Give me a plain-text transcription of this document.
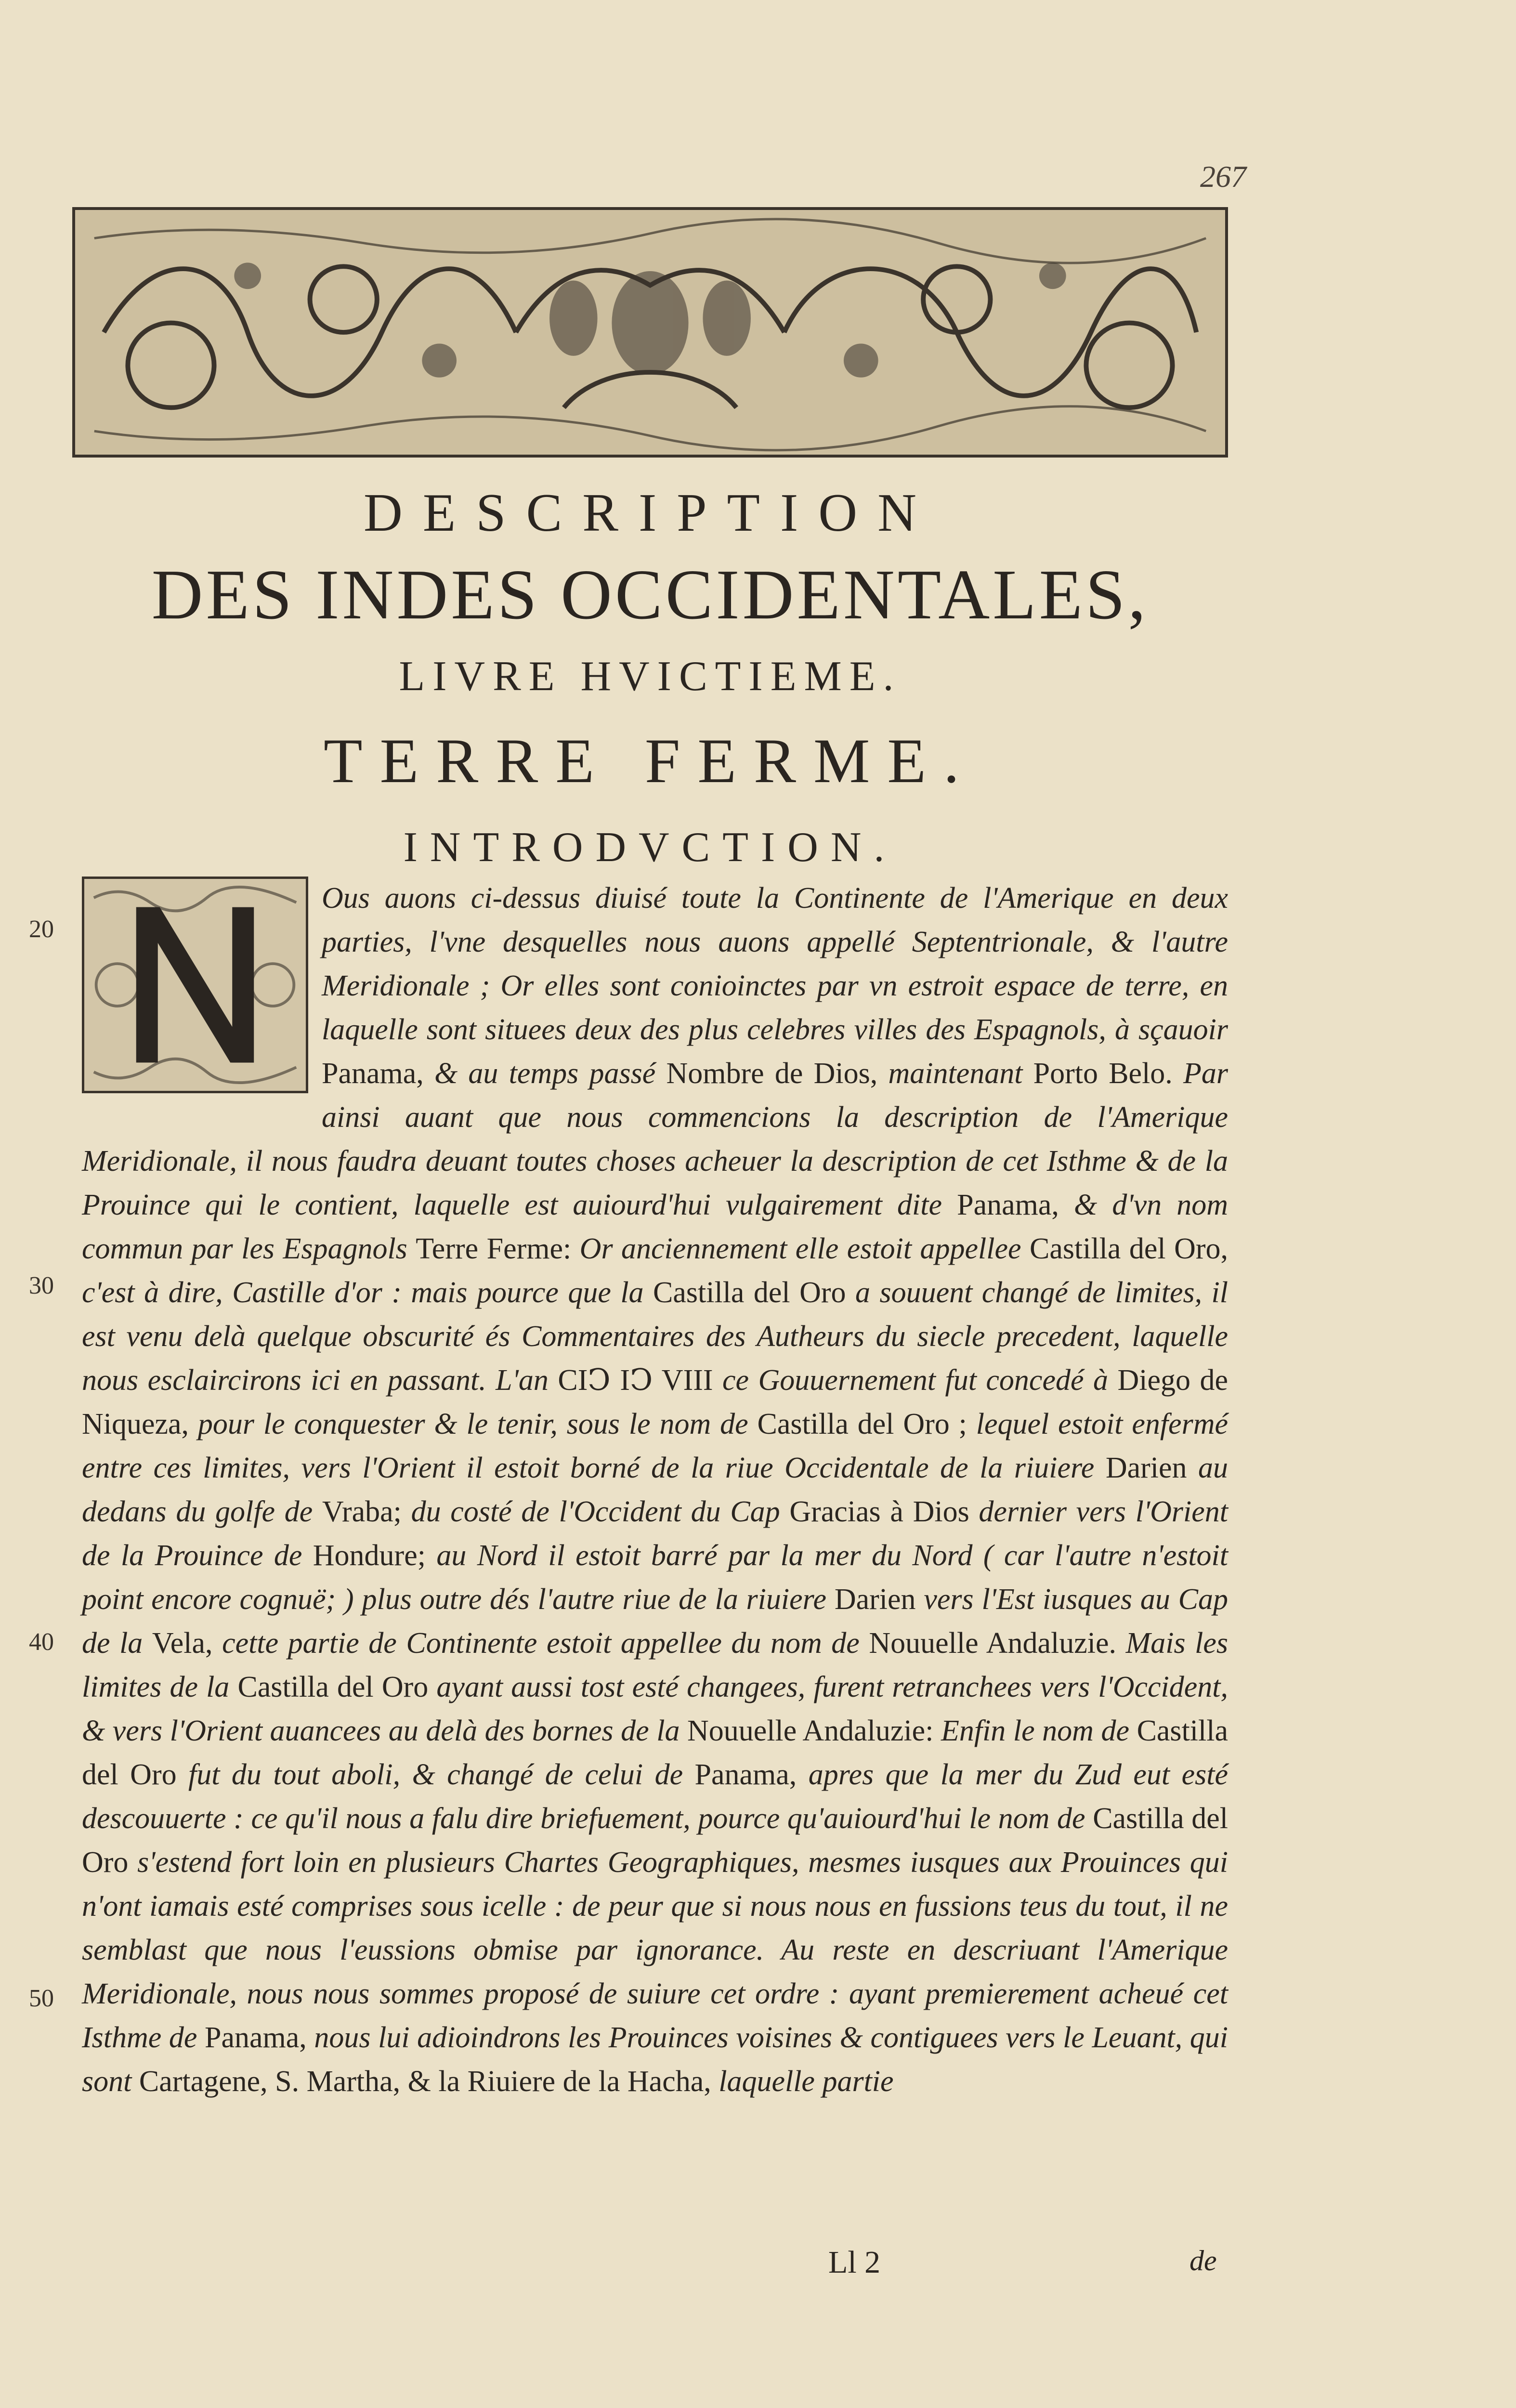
267
DESCRIPTION
DES INDES OCCIDENTALES,
LIVRE HVICTIEME.
TERRE FERME.
INTRODVCTION.
20
30
40
50
Ous auons ci-dessus diuisé toute la Continente de l'Amerique en deux parties, l'vne desquelles nous auons appellé Septentrionale, & l'autre Meridionale ; Or elles sont conioinctes par vn estroit espace de terre, en laquelle sont situees deux des plus celebres villes des Espagnols, à sçauoir Panama, & au temps passé Nombre de Dios, maintenant Porto Belo. Par ainsi auant que nous commencions la description de l'Amerique Meridionale, il nous faudra deuant toutes choses acheuer la description de cet Isthme & de la Prouince qui le contient, laquelle est auiourd'hui vulgairement dite Panama, & d'vn nom commun par les Espagnols Terre Ferme: Or anciennement elle estoit appellee Castilla del Oro, c'est à dire, Castille d'or : mais pource que la Castilla del Oro a souuent changé de limites, il est venu delà quelque obscurité és Commentaires des Autheurs du siecle precedent, laquelle nous esclaircirons ici en passant. L'an CIↃ IↃ VIII ce Gouuernement fut concedé à Diego de Niqueza, pour le conquester & le tenir, sous le nom de Castilla del Oro ; lequel estoit enfermé entre ces limites, vers l'Orient il estoit borné de la riue Occidentale de la riuiere Darien au dedans du golfe de Vraba; du costé de l'Occident du Cap Gracias à Dios dernier vers l'Orient de la Prouince de Hondure; au Nord il estoit barré par la mer du Nord ( car l'autre n'estoit point encore cognuë; ) plus outre dés l'autre riue de la riuiere Darien vers l'Est iusques au Cap de la Vela, cette partie de Continente estoit appellee du nom de Nouuelle Andaluzie. Mais les limites de la Castilla del Oro ayant aussi tost esté changees, furent retranchees vers l'Occident, & vers l'Orient auancees au delà des bornes de la Nouuelle Andaluzie: Enfin le nom de Castilla del Oro fut du tout aboli, & changé de celui de Panama, apres que la mer du Zud eut esté descouuerte : ce qu'il nous a falu dire briefuement, pource qu'auiourd'hui le nom de Castilla del Oro s'estend fort loin en plusieurs Chartes Geographiques, mesmes iusques aux Prouinces qui n'ont iamais esté comprises sous icelle : de peur que si nous nous en fussions teus du tout, il ne semblast que nous l'eussions obmise par ignorance. Au reste en descriuant l'Amerique Meridionale, nous nous sommes proposé de suiure cet ordre : ayant premierement acheué cet Isthme de Panama, nous lui adioindrons les Prouinces voisines & contiguees vers le Leuant, qui sont Cartagene, S. Martha, & la Riuiere de la Hacha, laquelle partie
Ll 2	de
